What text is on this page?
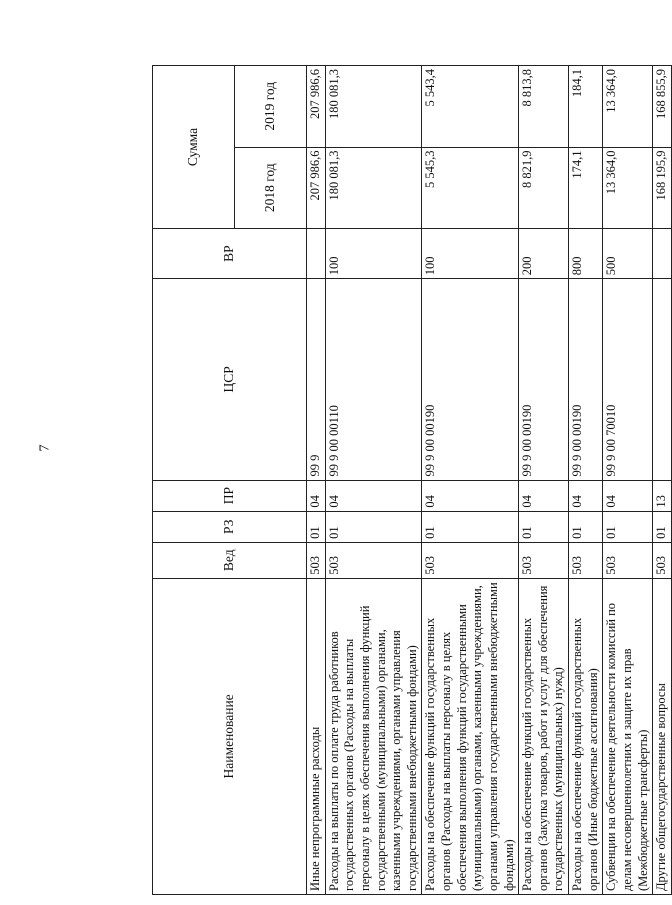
7
Наименование	Вед	РЗ	ПР	ЦСР	ВР	Сумма	
						2018 год	2019 год
Иные непрограммные расходы	503	01	04	99 9		207 986,6	207 986,6
Расходы на выплаты по оплате труда работников государственных органов (Расходы на выплаты персоналу в целях обеспечения выполнения функций государственными (муниципальными) органами, казенными учреждениями, органами управления государственными внебюджетными фондами)	503	01	04	99 9 00 00110	100	180 081,3	180 081,3
Расходы на обеспечение функций государственных органов (Расходы на выплаты персоналу в целях обеспечения выполнения функций государственными (муниципальными) органами, казенными учреждениями, органами управления государственными внебюджетными фондами)	503	01	04	99 9 00 00190	100	5 545,3	5 543,4
Расходы на обеспечение функций государственных органов (Закупка товаров, работ и услуг для обеспечения государственных (муниципальных) нужд)	503	01	04	99 9 00 00190	200	8 821,9	8 813,8
Расходы на обеспечение функций государственных органов (Иные бюджетные ассигнования)	503	01	04	99 9 00 00190	800	174,1	184,1
Субвенции на обеспечение деятельности комиссий по делам несовершеннолетних и защите их прав (Межбюджетные трансферты)	503	01	04	99 9 00 70010	500	13 364,0	13 364,0
Другие общегосударственные вопросы	503	01	13			168 195,9	168 855,9
